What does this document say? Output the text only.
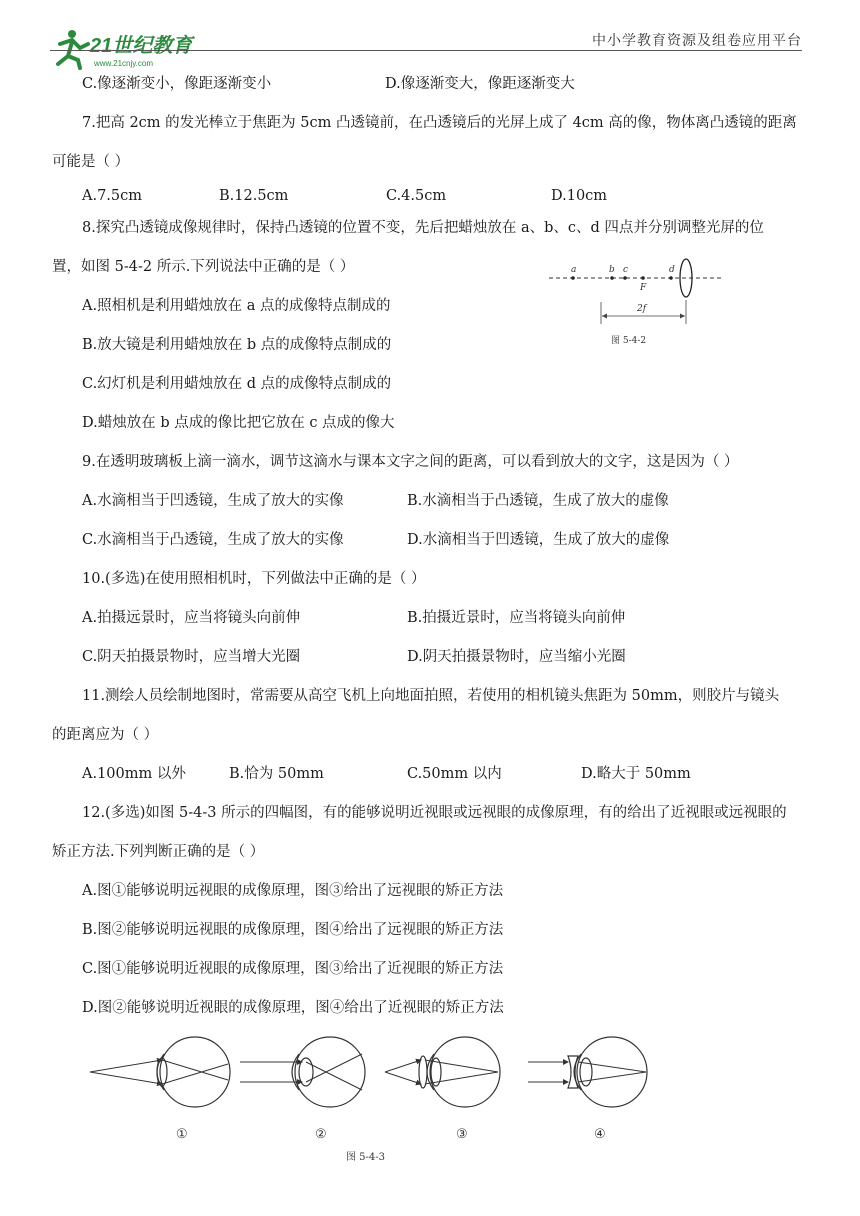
21世纪教育
www.21cnjy.com
中小学教育资源及组卷应用平台
C.像逐渐变小，像距逐渐变小	D.像逐渐变大，像距逐渐变大
7.把高 2cm 的发光棒立于焦距为 5cm 凸透镜前，在凸透镜后的光屏上成了 4cm 高的像，物体离凸透镜的距离
可能是（ ）
A.7.5cm	B.12.5cm	C.4.5cm	D.10cm
8.探究凸透镜成像规律时，保持凸透镜的位置不变，先后把蜡烛放在 a、b、c、d 四点并分别调整光屏的位
置，如图 5-4-2 所示.下列说法中正确的是（ ）
A.照相机是利用蜡烛放在 a 点的成像特点制成的
B.放大镜是利用蜡烛放在 b 点的成像特点制成的
C.幻灯机是利用蜡烛放在 d 点的成像特点制成的
D.蜡烛放在 b 点成的像比把它放在 c 点成的像大
a	b c	d
F
2f
图 5-4-2
9.在透明玻璃板上滴一滴水，调节这滴水与课本文字之间的距离，可以看到放大的文字，这是因为（ ）
A.水滴相当于凹透镜，生成了放大的实像	B.水滴相当于凸透镜，生成了放大的虚像
C.水滴相当于凸透镜，生成了放大的实像	D.水滴相当于凹透镜，生成了放大的虚像
10.(多选)在使用照相机时，下列做法中正确的是（ ）
A.拍摄远景时，应当将镜头向前伸	B.拍摄近景时，应当将镜头向前伸
C.阴天拍摄景物时，应当增大光圈	D.阴天拍摄景物时，应当缩小光圈
11.测绘人员绘制地图时，常需要从高空飞机上向地面拍照，若使用的相机镜头焦距为 50mm，则胶片与镜头
的距离应为（ ）
A.100mm 以外	B.恰为 50mm	C.50mm 以内	D.略大于 50mm
12.(多选)如图 5-4-3 所示的四幅图，有的能够说明近视眼或远视眼的成像原理，有的给出了近视眼或远视眼的
矫正方法.下列判断正确的是（ ）
A.图①能够说明远视眼的成像原理，图③给出了远视眼的矫正方法
B.图②能够说明远视眼的成像原理，图④给出了远视眼的矫正方法
C.图①能够说明近视眼的成像原理，图③给出了近视眼的矫正方法
D.图②能够说明近视眼的成像原理，图④给出了近视眼的矫正方法
①	②	③	④
图 5-4-3
